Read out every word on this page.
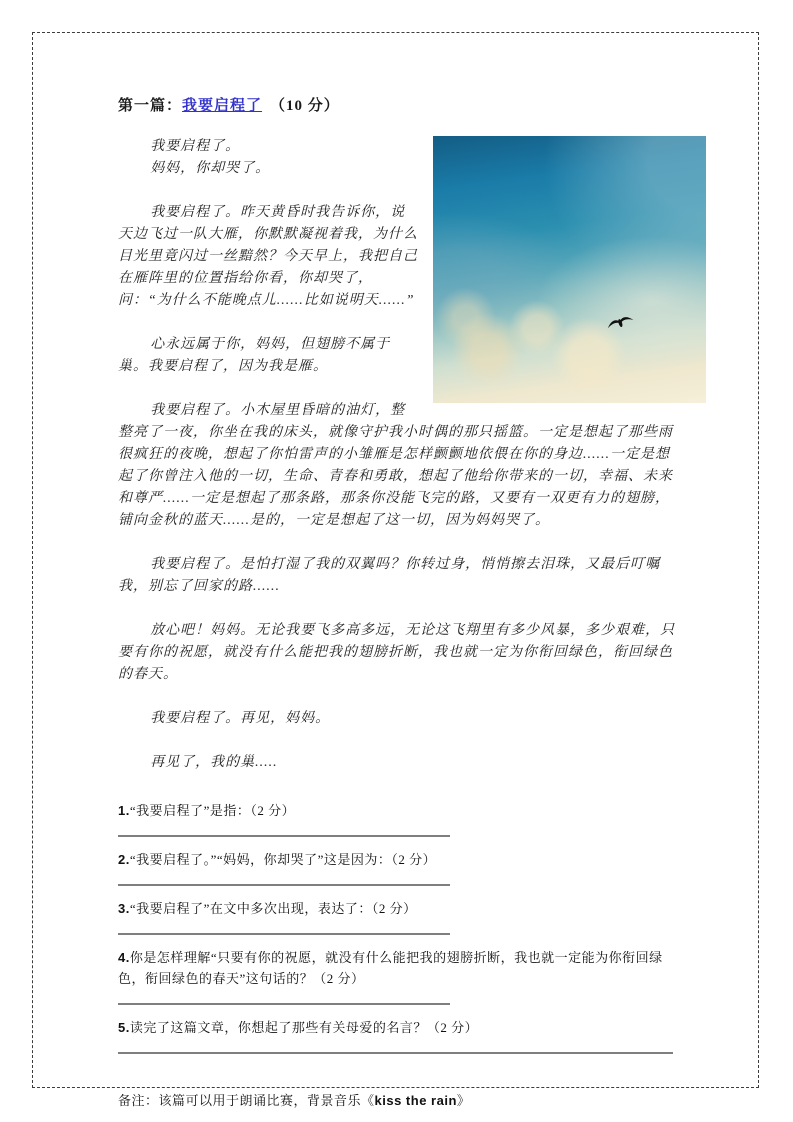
第一篇：我要启程了 （10 分）

我要启程了。
妈妈，你却哭了。

我要启程了。昨天黄昏时我告诉你，说天边飞过一队大雁，你默默凝视着我，为什么目光里竟闪过一丝黯然？今天早上，我把自己在雁阵里的位置指给你看，你却哭了，问：“为什么不能晚点儿......比如说明天......”

心永远属于你，妈妈，但翅膀不属于巢。我要启程了，因为我是雁。

我要启程了。小木屋里昏暗的油灯，整整亮了一夜，你坐在我的床头，就像守护我小时偶的那只摇篮。一定是想起了那些雨很疯狂的夜晚，想起了你怕雷声的小雏雁是怎样颤颤地依偎在你的身边......一定是想起了你曾注入他的一切，生命、青春和勇敢，想起了他给你带来的一切，幸福、未来和尊严......一定是想起了那条路，那条你没能飞完的路，又要有一双更有力的翅膀，铺向金秋的蓝天......是的，一定是想起了这一切，因为妈妈哭了。

我要启程了。是怕打湿了我的双翼吗？你转过身，悄悄擦去泪珠，又最后叮嘱我，别忘了回家的路......

放心吧！妈妈。无论我要飞多高多远，无论这飞翔里有多少风暴，多少艰难，只要有你的祝愿，就没有什么能把我的翅膀折断，我也就一定为你衔回绿色，衔回绿色的春天。

我要启程了。再见，妈妈。

再见了，我的巢.....

1.“我要启程了”是指：（2 分）
2.“我要启程了。”“妈妈，你却哭了”这是因为：（2 分）
3.“我要启程了”在文中多次出现，表达了：（2 分）
4.你是怎样理解“只要有你的祝愿，就没有什么能把我的翅膀折断，我也就一定能为你衔回绿色，衔回绿色的春天”这句话的？（2 分）
5.读完了这篇文章，你想起了那些有关母爱的名言？（2 分）
备注：该篇可以用于朗诵比赛，背景音乐《kiss the rain》
